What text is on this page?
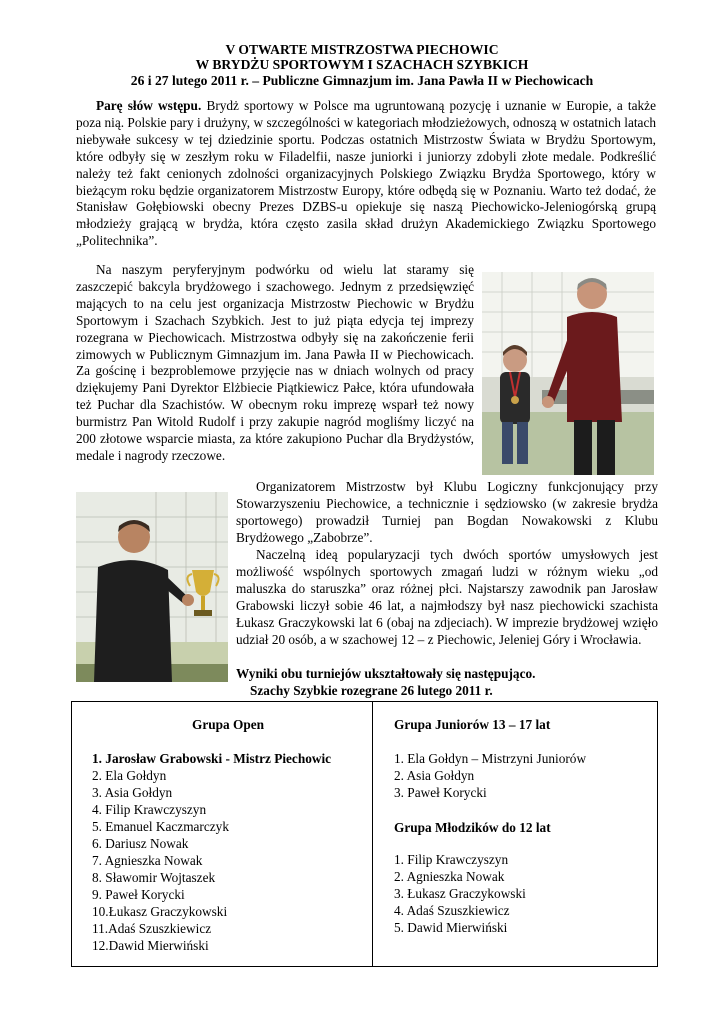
V OTWARTE MISTRZOSTWA PIECHOWIC
W BRYDŻU SPORTOWYM I SZACHACH SZYBKICH
26 i 27 lutego 2011 r. – Publiczne Gimnazjum im. Jana Pawła II w Piechowicach
Parę słów wstępu. Brydż sportowy w Polsce ma ugruntowaną pozycję i uznanie w Europie, a także poza nią. Polskie pary i drużyny, w szczególności w kategoriach młodzieżowych, odnoszą w ostatnich latach niebywałe sukcesy w tej dziedzinie sportu. Podczas ostatnich Mistrzostw Świata w Brydżu Sportowym, które odbyły się w zeszłym roku w Filadelfii, nasze juniorki i juniorzy zdobyli złote medale. Podkreślić należy też fakt cenionych zdolności organizacyjnych Polskiego Związku Brydża Sportowego, który w bieżącym roku będzie organizatorem Mistrzostw Europy, które odbędą się w Poznaniu. Warto też dodać, że Stanisław Gołębiowski obecny Prezes DZBS-u opiekuje się naszą Piechowicko-Jeleniogórską grupą młodzieży grającą w brydża, która często zasila skład drużyn Akademickiego Związku Sportowego „Politechnika”.
Na naszym peryferyjnym podwórku od wielu lat staramy się zaszczepić bakcyla brydżowego i szachowego. Jednym z przedsięwzięć mających to na celu jest organizacja Mistrzostw Piechowic w Brydżu Sportowym i Szachach Szybkich. Jest to już piąta edycja tej imprezy rozegrana w Piechowicach. Mistrzostwa odbyły się na zakończenie ferii zimowych w Publicznym Gimnazjum im. Jana Pawła II w Piechowicach. Za gościnę i bezproblemowe przyjęcie nas w dniach wolnych od pracy dziękujemy Pani Dyrektor Elżbiecie Piątkiewicz Pałce, która ufundowała też Puchar dla Szachistów. W obecnym roku imprezę wsparł też nowy burmistrz Pan Witold Rudolf i przy zakupie nagród mogliśmy liczyć na 200 złotowe wsparcie miasta, za które zakupiono Puchar dla Brydżystów, medale i nagrody rzeczowe.
Organizatorem Mistrzostw był Klubu Logiczny funkcjonujący przy Stowarzyszeniu Piechowice, a technicznie i sędziowsko (w zakresie brydża sportowego) prowadził Turniej pan Bogdan Nowakowski z Klubu Brydżowego „Zabobrze”.
Naczelną ideą popularyzacji tych dwóch sportów umysłowych jest możliwość wspólnych sportowych zmagań ludzi w różnym wieku „od maluszka do staruszka” oraz różnej płci. Najstarszy zawodnik pan Jarosław Grabowski liczył sobie 46 lat, a najmłodszy był nasz piechowicki szachista Łukasz Graczykowski lat 6 (obaj na zdjeciach). W imprezie brydżowej wzięło udział 20 osób, a w szachowej 12 – z Piechowic, Jeleniej Góry i Wrocławia.
Wyniki obu turniejów ukształtowały się następująco.
Szachy Szybkie rozegrane 26 lutego 2011 r.
Grupa Open
1. Jarosław Grabowski - Mistrz Piechowic
2. Ela Gołdyn
3. Asia Gołdyn
4. Filip Krawczyszyn
5. Emanuel Kaczmarczyk
6. Dariusz Nowak
7. Agnieszka Nowak
8. Sławomir Wojtaszek
9. Paweł Korycki
10.Łukasz Graczykowski
11.Adaś Szuszkiewicz
12.Dawid Mierwiński
Grupa Juniorów 13 – 17 lat
1. Ela Gołdyn – Mistrzyni Juniorów
2. Asia Gołdyn
3. Paweł Korycki
Grupa Młodzików do 12 lat
1. Filip Krawczyszyn
2. Agnieszka Nowak
3. Łukasz Graczykowski
4. Adaś Szuszkiewicz
5. Dawid Mierwiński
